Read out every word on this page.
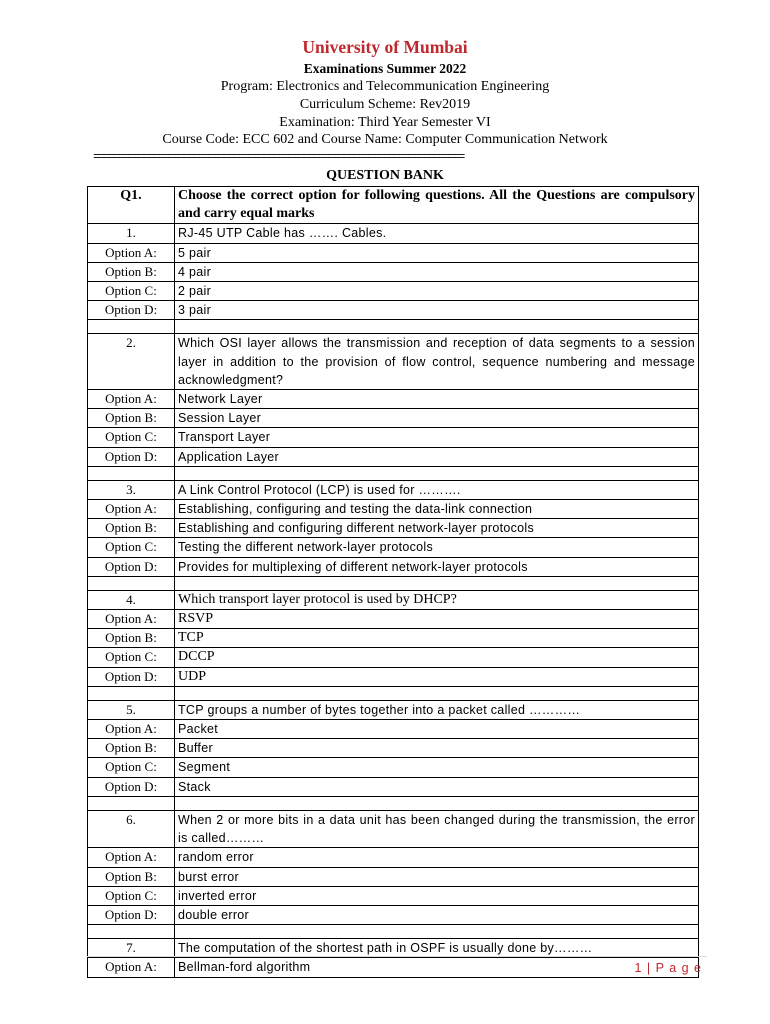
University of Mumbai
Examinations Summer 2022
Program: Electronics and Telecommunication Engineering
Curriculum Scheme: Rev2019
Examination: Third Year Semester VI
Course Code: ECC 602 and Course Name: Computer Communication Network
==========================================================================
QUESTION BANK
Q1.	Choose the correct option for following questions. All the Questions are compulsory and carry equal marks
1.	RJ-45 UTP Cable has ……. Cables.
Option A:	5 pair
Option B:	4 pair
Option C:	2 pair
Option D:	3 pair

2.	Which OSI layer allows the transmission and reception of data segments to a session layer in addition to the provision of flow control, sequence numbering and message acknowledgment?
Option A:	Network Layer
Option B:	Session Layer
Option C:	Transport Layer
Option D:	Application Layer

3.	A Link Control Protocol (LCP) is used for ……….
Option A:	Establishing, configuring and testing the data-link connection
Option B:	Establishing and configuring different network-layer protocols
Option C:	Testing the different network-layer protocols
Option D:	Provides for multiplexing of different network-layer protocols

4.	Which transport layer protocol is used by DHCP?
Option A:	RSVP
Option B:	TCP
Option C:	DCCP
Option D:	UDP

5.	TCP groups a number of bytes together into a packet called …………
Option A:	Packet
Option B:	Buffer
Option C:	Segment
Option D:	Stack

6.	When 2 or more bits in a data unit has been changed during the transmission, the error is called………
Option A:	random error
Option B:	burst error
Option C:	inverted error
Option D:	double error

7.	The computation of the shortest path in OSPF is usually done by………
Option A:	Bellman-ford algorithm	1 | P a g e
